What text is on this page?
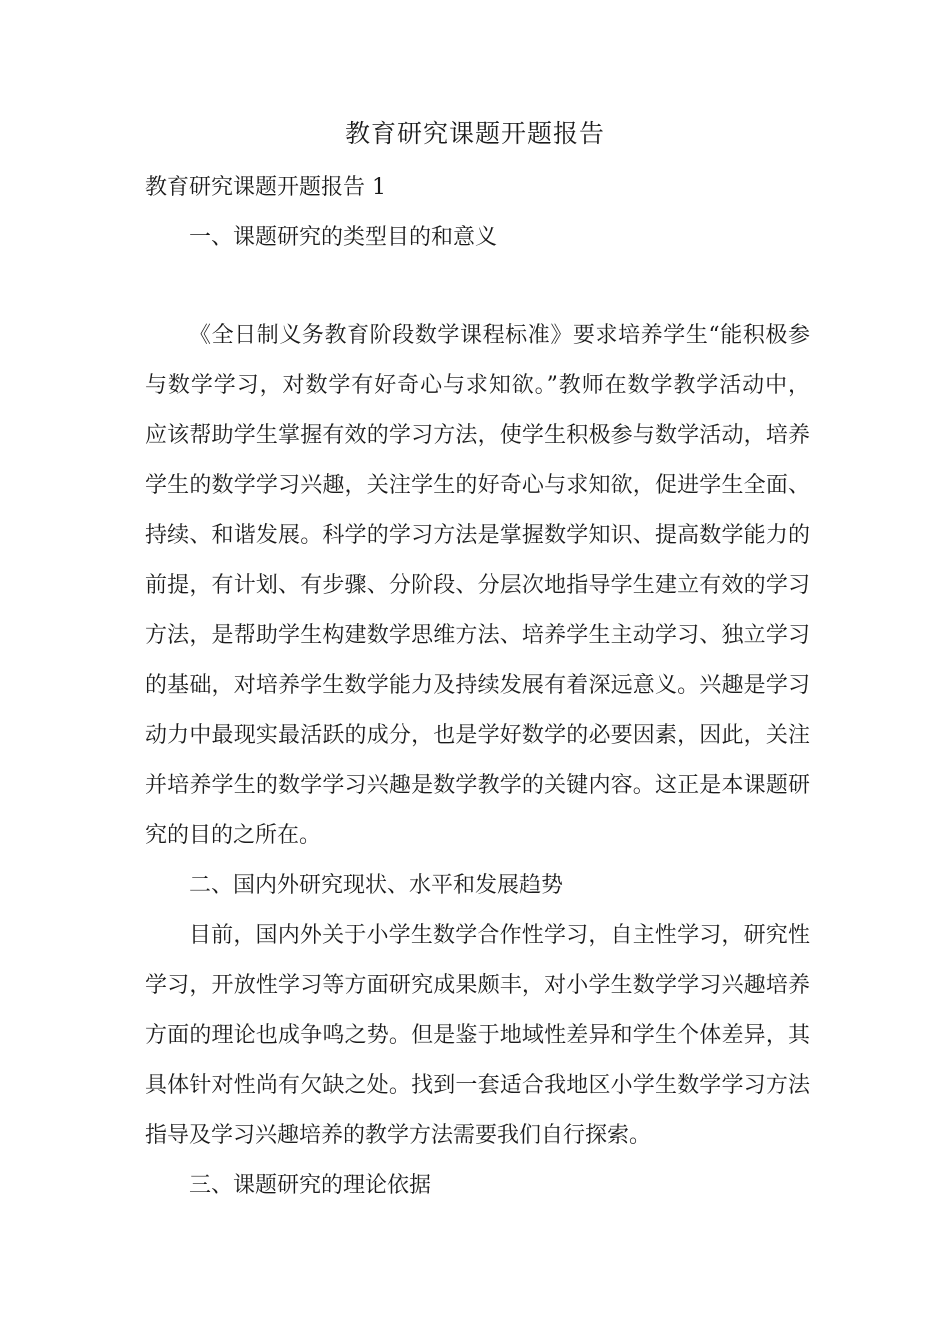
教育研究课题开题报告
教育研究课题开题报告 1
一、课题研究的类型目的和意义
《全日制义务教育阶段数学课程标准》要求培养学生“能积极参
与数学学习，对数学有好奇心与求知欲。”教师在数学教学活动中，
应该帮助学生掌握有效的学习方法，使学生积极参与数学活动，培养
学生的数学学习兴趣，关注学生的好奇心与求知欲，促进学生全面、
持续、和谐发展。科学的学习方法是掌握数学知识、提高数学能力的
前提，有计划、有步骤、分阶段、分层次地指导学生建立有效的学习
方法，是帮助学生构建数学思维方法、培养学生主动学习、独立学习
的基础，对培养学生数学能力及持续发展有着深远意义。兴趣是学习
动力中最现实最活跃的成分，也是学好数学的必要因素，因此，关注
并培养学生的数学学习兴趣是数学教学的关键内容。这正是本课题研
究的目的之所在。
二、国内外研究现状、水平和发展趋势
目前，国内外关于小学生数学合作性学习，自主性学习，研究性
学习，开放性学习等方面研究成果颇丰，对小学生数学学习兴趣培养
方面的理论也成争鸣之势。但是鉴于地域性差异和学生个体差异，其
具体针对性尚有欠缺之处。找到一套适合我地区小学生数学学习方法
指导及学习兴趣培养的教学方法需要我们自行探索。
三、课题研究的理论依据
